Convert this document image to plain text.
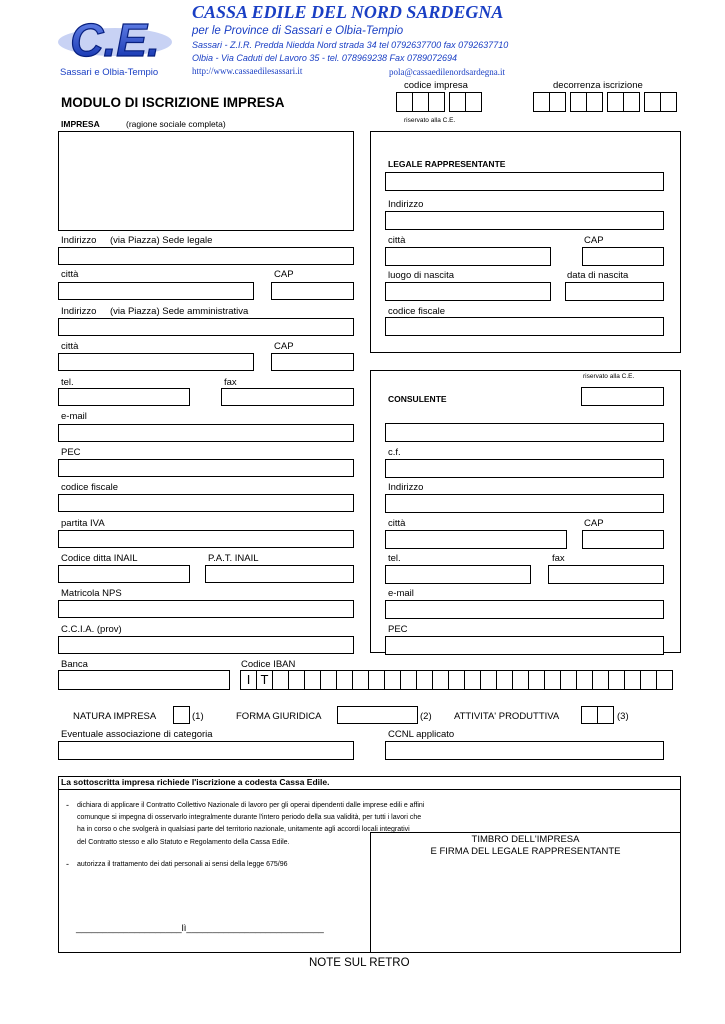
C.E.
Sassari e Olbia-Tempio
CASSA EDILE DEL NORD SARDEGNA
per le Province di Sassari e Olbia-Tempio
Sassari - Z.I.R. Predda Niedda Nord strada 34 tel 0792637700 fax 0792637710
Olbia - Via Caduti del Lavoro 35 - tel. 078969238 Fax 0789072694
http://www.cassaedilesassari.it	pola@cassaedilenordsardegna.it
codice impresa	decorrenza iscrizione
MODULO DI ISCRIZIONE IMPRESA
IMPRESA	(ragione sociale completa)	riservato alla C.E.
Indirizzo (via Piazza) Sede legale
città	CAP
Indirizzo (via Piazza) Sede amministrativa
città	CAP
tel.	fax
e-mail
PEC
codice fiscale
partita IVA
Codice ditta INAIL	P.A.T. INAIL
Matricola NPS
C.C.I.A. (prov)
Banca	Codice IBAN
I T
LEGALE RAPPRESENTANTE
Indirizzo
città	CAP
luogo di nascita	data di nascita
codice fiscale
riservato alla C.E.
CONSULENTE
c.f.
Indirizzo
città	CAP
tel.	fax
e-mail
PEC
NATURA IMPRESA	(1)	FORMA GIURIDICA	(2) ATTIVITA' PRODUTTIVA	(3)
Eventuale associazione di categoria	CCNL applicato
La sottoscritta impresa richiede l'iscrizione a codesta Cassa Edile.
- dichiara di applicare il Contratto Collettivo Nazionale di lavoro per gli operai dipendenti dalle imprese edili e affini
comunque si impegna di osservarlo integralmente durante l'intero periodo della sua validità, per tutti i lavori che
ha in corso o che svolgerà in qualsiasi parte del territorio nazionale, unitamente agli accordi locali integrativi
del Contratto stesso e allo Statuto e Regolamento della Cassa Edile.
- autorizza il trattamento dei dati personali ai sensi della legge 675/96
____________________lì__________________________
TIMBRO DELL'IMPRESA
E FIRMA DEL LEGALE RAPPRESENTANTE
NOTE SUL RETRO
